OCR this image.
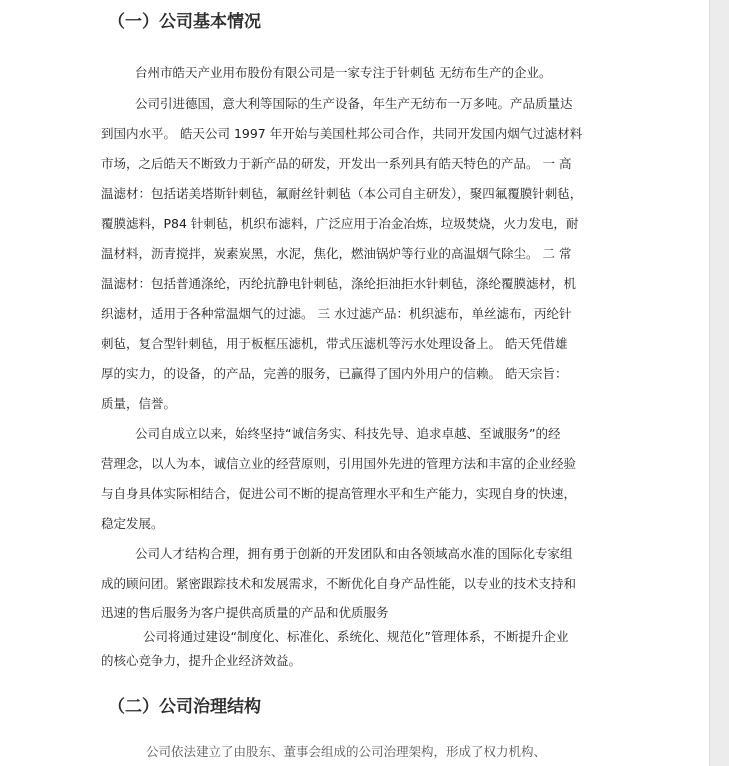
（一）公司基本情况
台州市皓天产业用布股份有限公司是一家专注于针刺毡 无纺布生产的企业。
公司引进德国，意大利等国际的生产设备，年生产无纺布一万多吨。产品质量达
到国内水平。 皓天公司 1997 年开始与美国杜邦公司合作，共同开发国内烟气过滤材料
市场，之后皓天不断致力于新产品的研发，开发出一系列具有皓天特色的产品。 一 高
温滤材：包括诺美塔斯针刺毡，氟耐丝针刺毡（本公司自主研发），聚四氟覆膜针刺毡，
覆膜滤料，P84 针刺毡，机织布滤料，广泛应用于冶金冶炼，垃圾焚烧，火力发电，耐
温材料，沥青搅拌，炭素炭黑，水泥，焦化，燃油锅炉等行业的高温烟气除尘。 二 常
温滤材：包括普通涤纶，丙纶抗静电针刺毡，涤纶拒油拒水针刺毡，涤纶覆膜滤材，机
织滤材，适用于各种常温烟气的过滤。 三 水过滤产品：机织滤布，单丝滤布，丙纶针
刺毡，复合型针刺毡，用于板框压滤机，带式压滤机等污水处理设备上。 皓天凭借雄
厚的实力，的设备，的产品，完善的服务，已赢得了国内外用户的信赖。 皓天宗旨：
质量，信誉。
公司自成立以来，始终坚持“诚信务实、科技先导、追求卓越、至诚服务”的经
营理念，以人为本，诚信立业的经营原则，引用国外先进的管理方法和丰富的企业经验
与自身具体实际相结合，促进公司不断的提高管理水平和生产能力，实现自身的快速，
稳定发展。
公司人才结构合理，拥有勇于创新的开发团队和由各领域高水准的国际化专家组
成的顾问团。紧密跟踪技术和发展需求，不断优化自身产品性能，以专业的技术支持和
迅速的售后服务为客户提供高质量的产品和优质服务
公司将通过建设“制度化、标准化、系统化、规范化”管理体系，不断提升企业
的核心竞争力，提升企业经济效益。
（二）公司治理结构
公司依法建立了由股东、董事会组成的公司治理架构，形成了权力机构、
